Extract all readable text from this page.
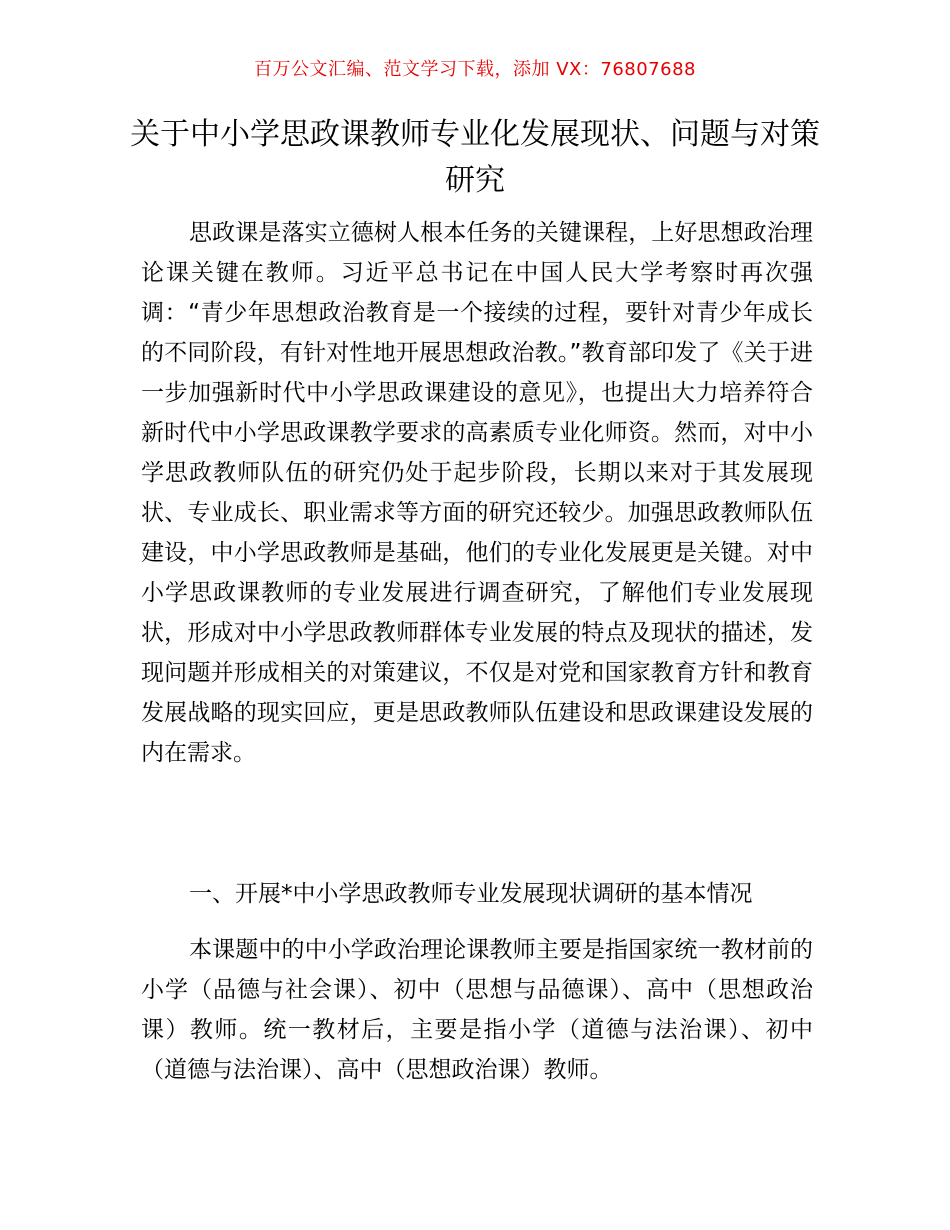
百万公文汇编、范文学习下载，添加 VX：76807688
关于中小学思政课教师专业化发展现状、问题与对策研究

思政课是落实立德树人根本任务的关键课程，上好思想政治理论课关键在教师。习近平总书记在中国人民大学考察时再次强调：“青少年思想政治教育是一个接续的过程，要针对青少年成长的不同阶段，有针对性地开展思想政治教。”教育部印发了《关于进一步加强新时代中小学思政课建设的意见》，也提出大力培养符合新时代中小学思政课教学要求的高素质专业化师资。然而，对中小学思政教师队伍的研究仍处于起步阶段，长期以来对于其发展现状、专业成长、职业需求等方面的研究还较少。加强思政教师队伍建设，中小学思政教师是基础，他们的专业化发展更是关键。对中小学思政课教师的专业发展进行调查研究，了解他们专业发展现状，形成对中小学思政教师群体专业发展的特点及现状的描述，发现问题并形成相关的对策建议，不仅是对党和国家教育方针和教育发展战略的现实回应，更是思政教师队伍建设和思政课建设发展的内在需求。

一、开展*中小学思政教师专业发展现状调研的基本情况

本课题中的中小学政治理论课教师主要是指国家统一教材前的小学（品德与社会课）、初中（思想与品德课）、高中（思想政治课）教师。统一教材后，主要是指小学（道德与法治课）、初中（道德与法治课）、高中（思想政治课）教师。
